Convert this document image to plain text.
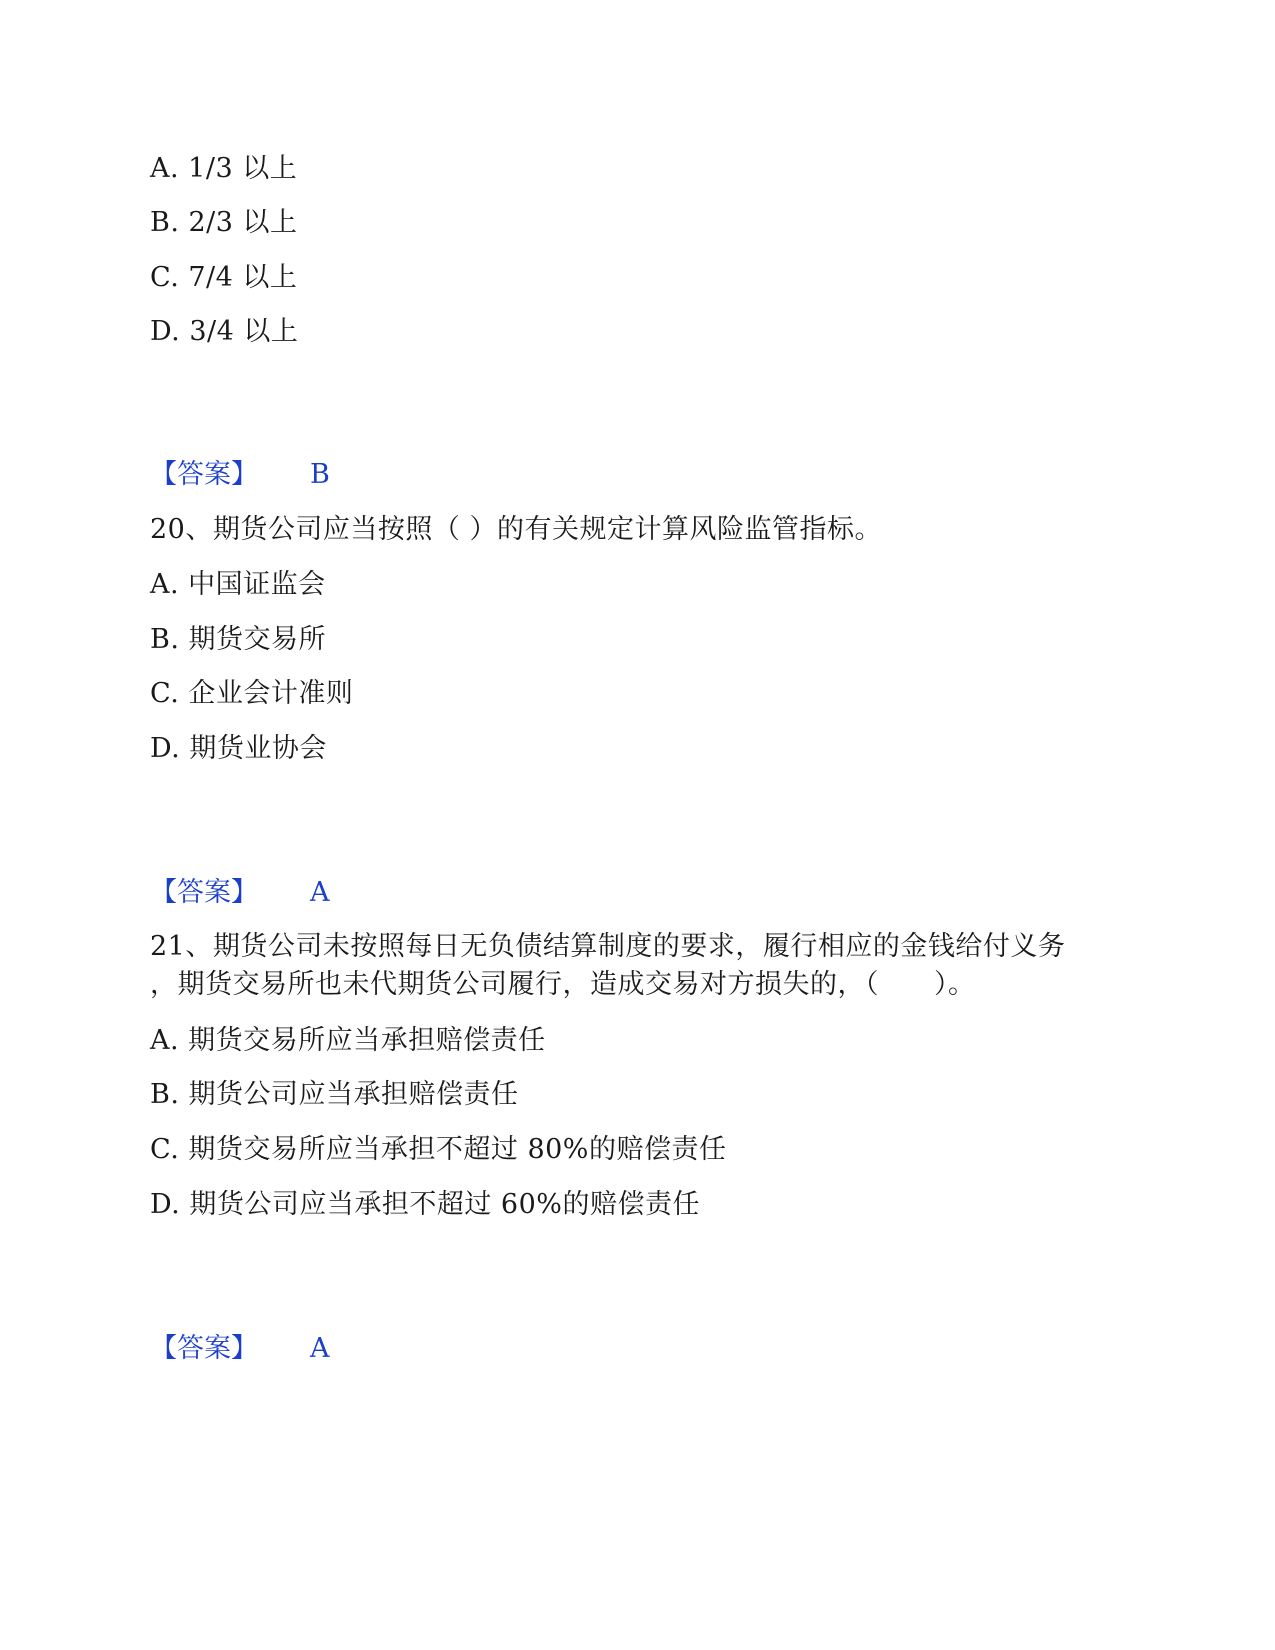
A. 1/3 以上
B. 2/3 以上
C. 7/4 以上
D. 3/4 以上
【答案】 B
20、期货公司应当按照（ ）的有关规定计算风险监管指标。
A. 中国证监会
B. 期货交易所
C. 企业会计准则
D. 期货业协会
【答案】 A
21、期货公司未按照每日无负债结算制度的要求，履行相应的金钱给付义务
，期货交易所也未代期货公司履行，造成交易对方损失的，（　　）。
A. 期货交易所应当承担赔偿责任
B. 期货公司应当承担赔偿责任
C. 期货交易所应当承担不超过 80%的赔偿责任
D. 期货公司应当承担不超过 60%的赔偿责任
【答案】 A
